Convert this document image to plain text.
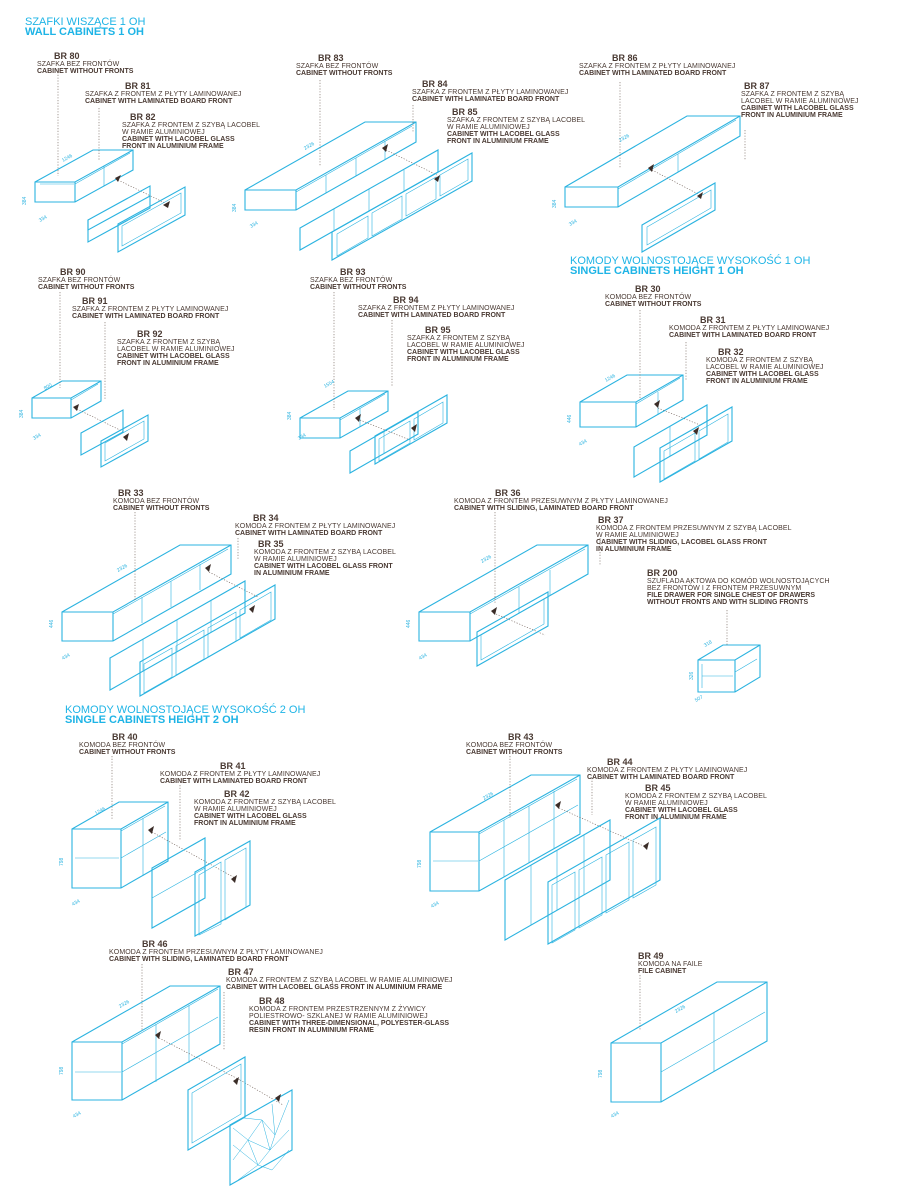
SZAFKI WISZĄCE 1 OH
WALL CABINETS 1 OH
KOMODY WOLNOSTOJĄCE WYSOKOŚĆ 1 OH
SINGLE CABINETS HEIGHT 1 OH
KOMODY WOLNOSTOJĄCE WYSOKOŚĆ 2 OH
SINGLE CABINETS HEIGHT 2 OH
BR 80
SZAFKA BEZ FRONTÓW
CABINET WITHOUT FRONTS
BR 81
SZAFKA Z FRONTEM Z PŁYTY LAMINOWANEJ
CABINET WITH LAMINATED BOARD FRONT
BR 82
SZAFKA Z FRONTEM Z SZYBĄ LACOBEL
W RAMIE ALUMINIOWEJ
CABINET WITH LACOBEL GLASS
FRONT IN ALUMINIUM FRAME
BR 83
SZAFKA BEZ FRONTÓW
CABINET WITHOUT FRONTS
BR 84
SZAFKA Z FRONTEM Z PŁYTY LAMINOWANEJ
CABINET WITH LAMINATED BOARD FRONT
BR 85
SZAFKA Z FRONTEM Z SZYBĄ LACOBEL
W RAMIE ALUMINIOWEJ
CABINET WITH LACOBEL GLASS
FRONT IN ALUMINIUM FRAME
BR 86
SZAFKA Z FRONTEM Z PŁYTY LAMINOWANEJ
CABINET WITH LAMINATED BOARD FRONT
BR 87
SZAFKA Z FRONTEM Z SZYBĄ
LACOBEL W RAMIE ALUMINIOWEJ
CABINET WITH LACOBEL GLASS
FRONT IN ALUMINIUM FRAME
BR 90
SZAFKA BEZ FRONTÓW
CABINET WITHOUT FRONTS
BR 91
SZAFKA Z FRONTEM Z PŁYTY LAMINOWANEJ
CABINET WITH LAMINATED BOARD FRONT
BR 92
SZAFKA Z FRONTEM Z SZYBĄ
LACOBEL W RAMIE ALUMINIOWEJ
CABINET WITH LACOBEL GLASS
FRONT IN ALUMINIUM FRAME
BR 93
SZAFKA BEZ FRONTÓW
CABINET WITHOUT FRONTS
BR 94
SZAFKA Z FRONTEM Z PŁYTY LAMINOWANEJ
CABINET WITH LAMINATED BOARD FRONT
BR 95
SZAFKA Z FRONTEM Z SZYBĄ
LACOBEL W RAMIE ALUMINIOWEJ
CABINET WITH LACOBEL GLASS
FRONT IN ALUMINIUM FRAME
BR 30
KOMODA BEZ FRONTÓW
CABINET WITHOUT FRONTS
BR 31
KOMODA Z FRONTEM Z PŁYTY LAMINOWANEJ
CABINET WITH LAMINATED BOARD FRONT
BR 32
KOMODA Z FRONTEM Z SZYBĄ
LACOBEL W RAMIE ALUMINIOWEJ
CABINET WITH LACOBEL GLASS
FRONT IN ALUMINIUM FRAME
BR 33
KOMODA BEZ FRONTÓW
CABINET WITHOUT FRONTS
BR 34
KOMODA Z FRONTEM Z PŁYTY LAMINOWANEJ
CABINET WITH LAMINATED BOARD FRONT
BR 35
KOMODA Z FRONTEM Z SZYBĄ LACOBEL
W RAMIE ALUMINIOWEJ
CABINET WITH LACOBEL GLASS FRONT
IN ALUMINIUM FRAME
BR 36
KOMODA Z FRONTEM PRZESUWNYM Z PŁYTY LAMINOWANEJ
CABINET WITH SLIDING, LAMINATED BOARD FRONT
BR 37
KOMODA Z FRONTEM PRZESUWNYM Z SZYBĄ LACOBEL
W RAMIE ALUMINIOWEJ
CABINET WITH SLIDING, LACOBEL GLASS FRONT
IN ALUMINIUM FRAME
BR 200
SZUFLADA AKTOWA DO KOMÓD WOLNOSTOJĄCYCH
BEZ FRONTÓW I Z FRONTEM PRZESUWNYM
FILE DRAWER FOR SINGLE CHEST OF DRAWERS
WITHOUT FRONTS AND WITH SLIDING FRONTS
BR 40
KOMODA BEZ FRONTÓW
CABINET WITHOUT FRONTS
BR 41
KOMODA Z FRONTEM Z PŁYTY LAMINOWANEJ
CABINET WITH LAMINATED BOARD FRONT
BR 42
KOMODA Z FRONTEM Z SZYBĄ LACOBEL
W RAMIE ALUMINIOWEJ
CABINET WITH LACOBEL GLASS
FRONT IN ALUMINIUM FRAME
BR 43
KOMODA BEZ FRONTÓW
CABINET WITHOUT FRONTS
BR 44
KOMODA Z FRONTEM Z PŁYTY LAMINOWANEJ
CABINET WITH LAMINATED BOARD FRONT
BR 45
KOMODA Z FRONTEM Z SZYBĄ LACOBEL
W RAMIE ALUMINIOWEJ
CABINET WITH LACOBEL GLASS
FRONT IN ALUMINIUM FRAME
BR 46
KOMODA Z FRONTEM PRZESUWNYM Z PŁYTY LAMINOWANEJ
CABINET WITH SLIDING, LAMINATED BOARD FRONT
BR 47
KOMODA Z FRONTEM Z SZYBĄ LACOBEL W RAMIE ALUMINIOWEJ
CABINET WITH LACOBEL GLASS FRONT IN ALUMINIUM FRAME
BR 48
KOMODA Z FRONTEM PRZESTRZENNYM Z ŻYWICY
POLIESTROWO- SZKLANEJ W RAMIE ALUMINIOWEJ
CABINET WITH THREE-DIMENSIONAL, POLYESTER-GLASS
RESIN FRONT IN ALUMINIUM FRAME
BR 49
KOMODA NA FAILE
FILE CABINET
384
334
1246
384
334
2326
384
334
2326
384
334
800
384
334
1554
446
434
1246
446
434
2326
446
434
2326
326
318
507
798
434
1246
798
434
2326
798
434
2326
798
434
2326
